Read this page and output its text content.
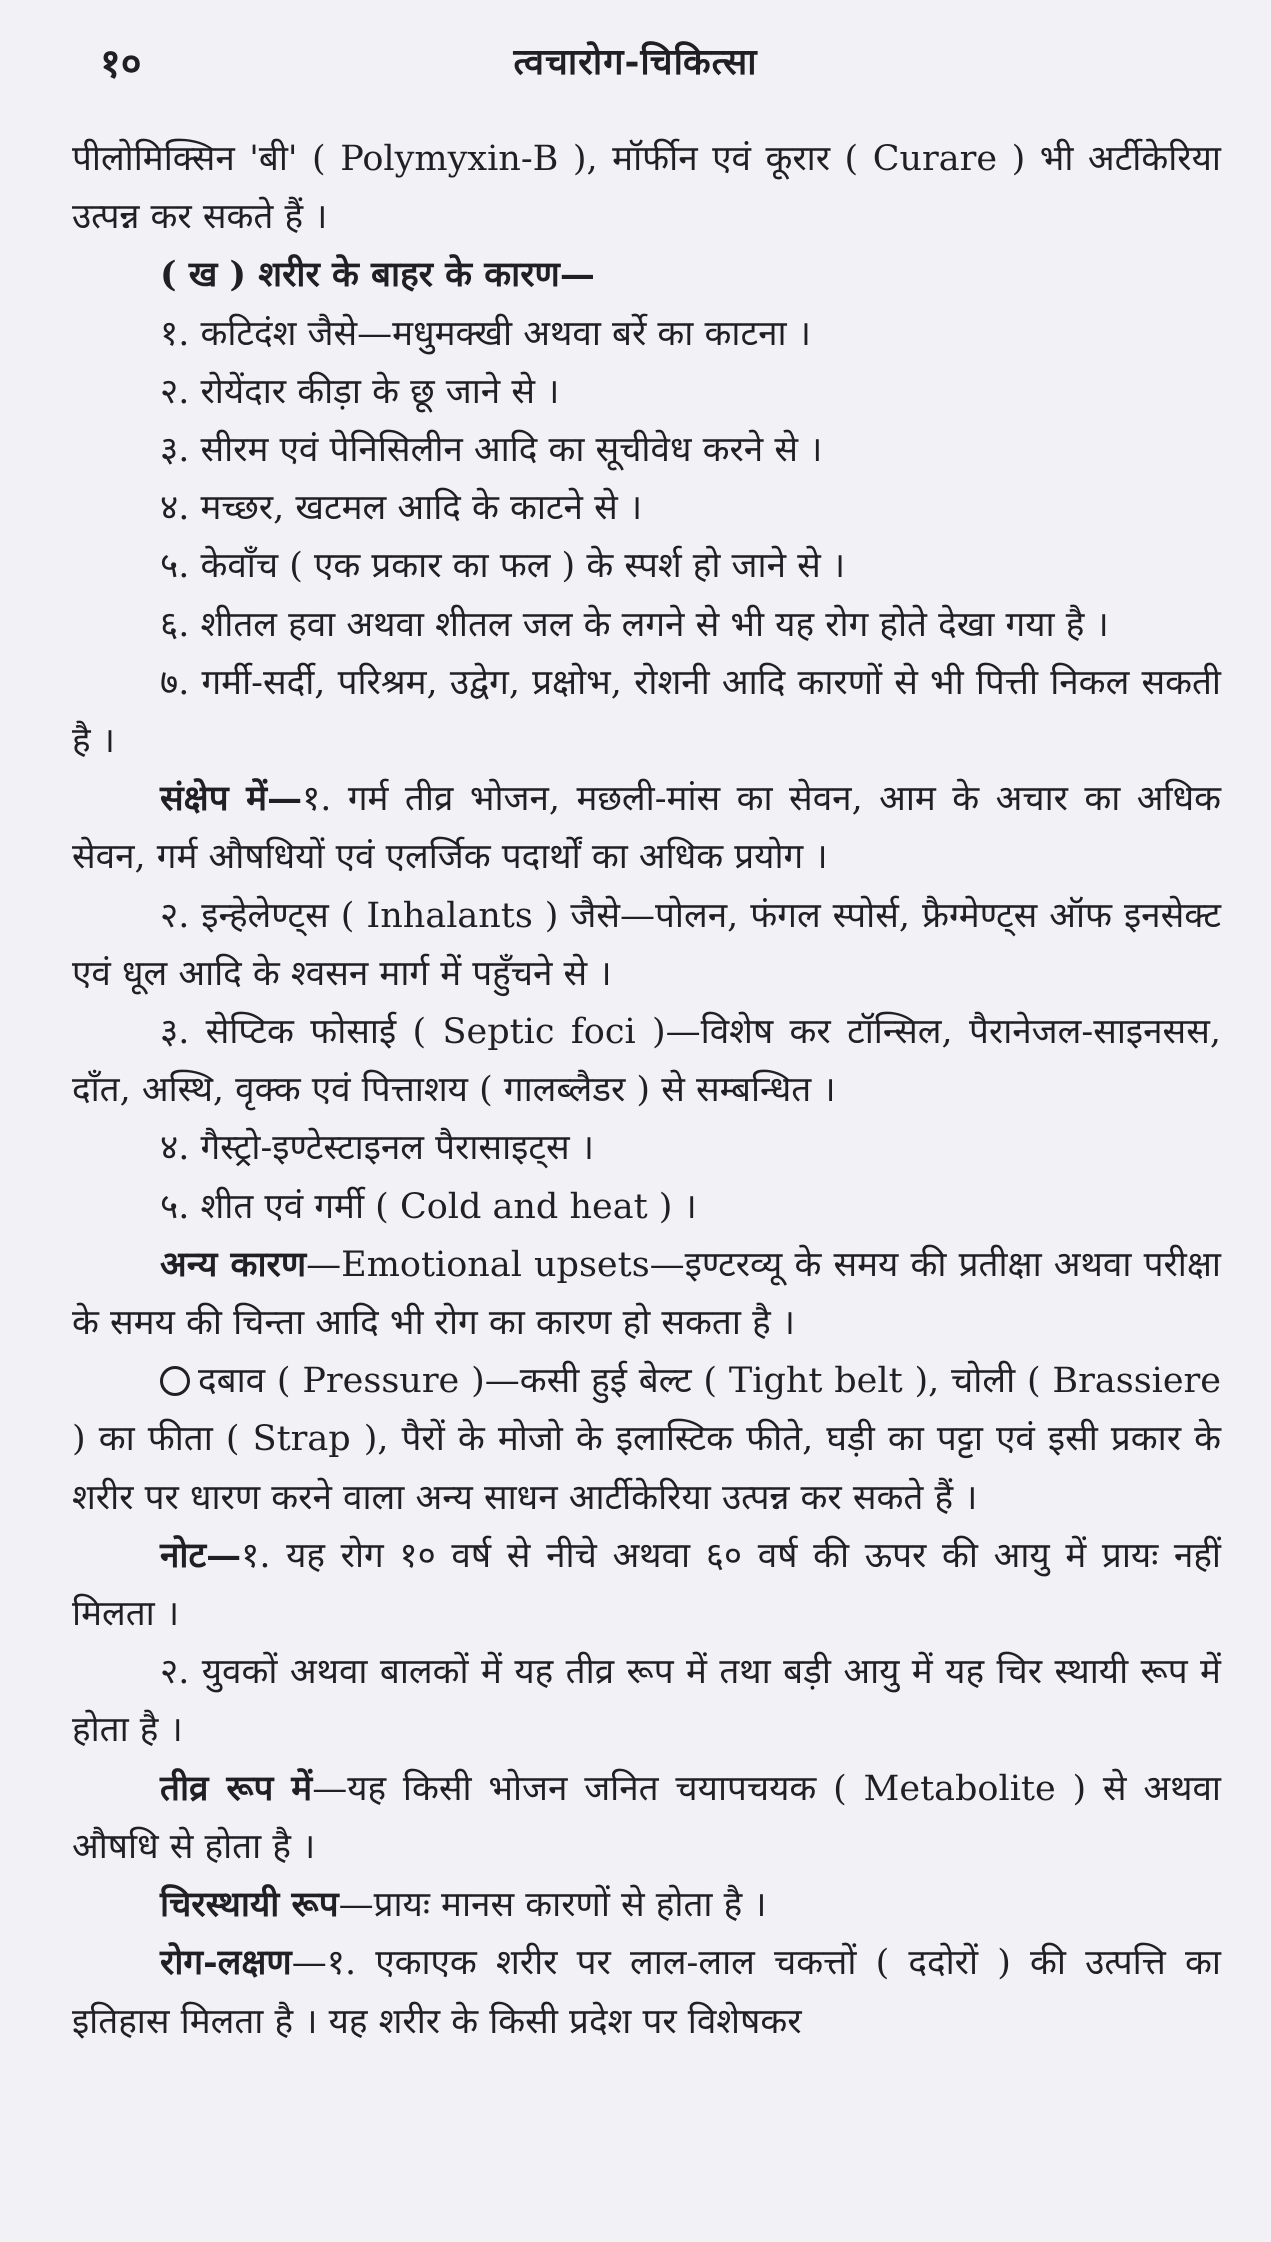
१०	त्वचारोग-चिकित्सा

पीलोमिक्सिन 'बी' ( Polymyxin-B ), मॉर्फीन एवं कूरार ( Curare ) भी अर्टीकेरिया उत्पन्न कर सकते हैं ।

( ख ) शरीर के बाहर के कारण—

१. कटिदंश जैसे—मधुमक्खी अथवा बर्रे का काटना ।

२. रोयेंदार कीड़ा के छू जाने से ।

३. सीरम एवं पेनिसिलीन आदि का सूचीवेध करने से ।

४. मच्छर, खटमल आदि के काटने से ।

५. केवाँच ( एक प्रकार का फल ) के स्पर्श हो जाने से ।

६. शीतल हवा अथवा शीतल जल के लगने से भी यह रोग होते देखा गया है ।

७. गर्मी-सर्दी, परिश्रम, उद्वेग, प्रक्षोभ, रोशनी आदि कारणों से भी पित्ती निकल सकती है ।

संक्षेप में—१. गर्म तीव्र भोजन, मछली-मांस का सेवन, आम के अचार का अधिक सेवन, गर्म औषधियों एवं एलर्जिक पदार्थों का अधिक प्रयोग ।

२. इन्हेलेण्ट्स ( Inhalants ) जैसे—पोलन, फंगल स्पोर्स, फ्रैग्मेण्ट्स ऑफ इनसेक्ट एवं धूल आदि के श्वसन मार्ग में पहुँचने से ।

३. सेप्टिक फोसाई ( Septic foci )—विशेष कर टॉन्सिल, पैरानेजल-साइनसस, दाँत, अस्थि, वृक्क एवं पित्ताशय ( गालब्लैडर ) से सम्बन्धित ।

४. गैस्ट्रो-इण्टेस्टाइनल पैरासाइट्स ।

५. शीत एवं गर्मी ( Cold and heat ) ।

अन्य कारण—Emotional upsets—इण्टरव्यू के समय की प्रतीक्षा अथवा परीक्षा के समय की चिन्ता आदि भी रोग का कारण हो सकता है ।

दबाव ( Pressure )—कसी हुई बेल्ट ( Tight belt ), चोली ( Brassiere ) का फीता ( Strap ), पैरों के मोजो के इलास्टिक फीते, घड़ी का पट्टा एवं इसी प्रकार के शरीर पर धारण करने वाला अन्य साधन आर्टीकेरिया उत्पन्न कर सकते हैं ।

नोट—१. यह रोग १० वर्ष से नीचे अथवा ६० वर्ष की ऊपर की आयु में प्रायः नहीं मिलता ।

२. युवकों अथवा बालकों में यह तीव्र रूप में तथा बड़ी आयु में यह चिर स्थायी रूप में होता है ।

तीव्र रूप में—यह किसी भोजन जनित चयापचयक ( Metabolite ) से अथवा औषधि से होता है ।

चिरस्थायी रूप—प्रायः मानस कारणों से होता है ।

रोग-लक्षण—१. एकाएक शरीर पर लाल-लाल चकत्तों ( ददोरों ) की उत्पत्ति का इतिहास मिलता है । यह शरीर के किसी प्रदेश पर विशेषकर
